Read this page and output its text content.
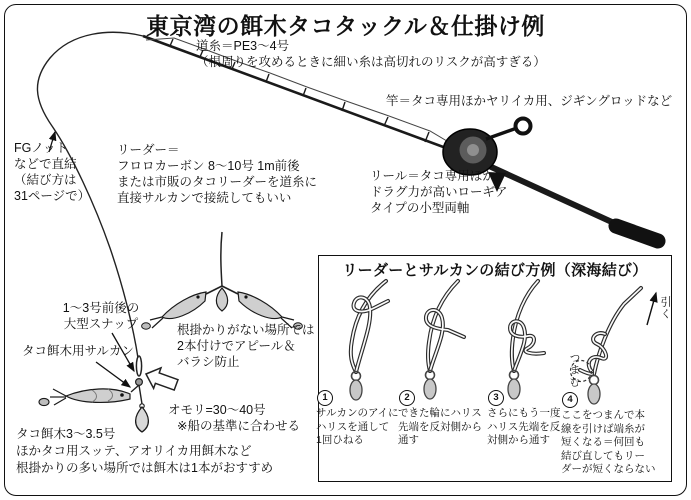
東京湾の餌木タコタックル＆仕掛け例
道糸＝PE3～4号
（根周りを攻めるときに細い糸は高切れのリスクが高すぎる）
竿＝タコ専用ほかヤリイカ用、ジギングロッドなど
リール＝タコ専用ほか
ドラグ力が高いローギア
タイプの小型両軸
FGノット
などで直結
（結び方は
31ページで）
リーダー＝
フロロカーボン 8～10号 1m前後
または市販のタコリーダーを道糸に
直接サルカンで接続してもいい
1～3号前後の
大型スナップ
タコ餌木用サルカン
根掛かりがない場所では
2本付けでアピール＆
バラシ防止
オモリ=30～40号
※船の基準に合わせる
タコ餌木3～3.5号
ほかタコ用スッテ、アオリイカ用餌木など
根掛かりの多い場所では餌木は1本がおすすめ
リーダーとサルカンの結び方例（深海結び）
1
サルカンのアイに
ハリスを通して
1回ひねる
2
できた輪にハリス
先端を反対側から
通す
3
さらにもう一度
ハリス先端を反
対側から通す
4
ここをつまんで本
線を引けば端糸が
短くなる＝何回も
結び直してもリー
ダーが短くならない
引く
つまむ
